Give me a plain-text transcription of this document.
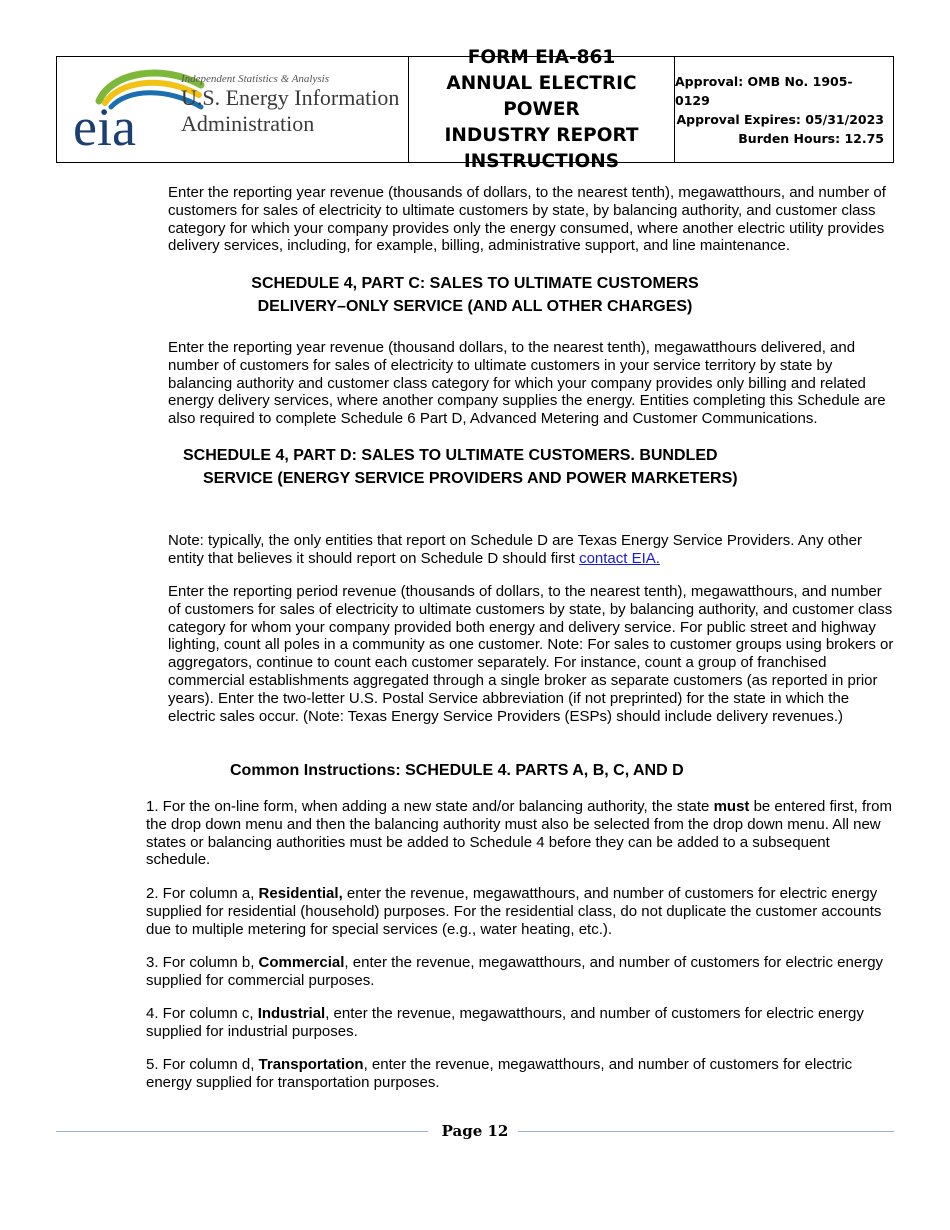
eia
Independent Statistics & Analysis
U.S. Energy Information
Administration
FORM EIA-861
ANNUAL ELECTRIC POWER
INDUSTRY REPORT
INSTRUCTIONS
Approval: OMB No. 1905-0129
Approval Expires: 05/31/2023
Burden Hours: 12.75

Enter the reporting year revenue (thousands of dollars, to the nearest tenth), megawatthours, and number of customers for sales of electricity to ultimate customers by state, by balancing authority, and customer class category for which your company provides only the energy consumed, where another electric utility provides delivery services, including, for example, billing, administrative support, and line maintenance.

SCHEDULE 4, PART C: SALES TO ULTIMATE CUSTOMERS

DELIVERY–ONLY SERVICE (AND ALL OTHER CHARGES)

Enter the reporting year revenue (thousand dollars, to the nearest tenth), megawatthours delivered, and number of customers for sales of electricity to ultimate customers in your service territory by state by balancing authority and customer class category for which your company provides only billing and related energy delivery services, where another company supplies the energy. Entities completing this Schedule are also required to complete Schedule 6 Part D, Advanced Metering and Customer Communications.

SCHEDULE 4, PART D: SALES TO ULTIMATE CUSTOMERS. BUNDLED

SERVICE (ENERGY SERVICE PROVIDERS AND POWER MARKETERS)

Note: typically, the only entities that report on Schedule D are Texas Energy Service Providers. Any other entity that believes it should report on Schedule D should first contact EIA.

Enter the reporting period revenue (thousands of dollars, to the nearest tenth), megawatthours, and number of customers for sales of electricity to ultimate customers by state, by balancing authority, and customer class category for whom your company provided both energy and delivery service. For public street and highway lighting, count all poles in a community as one customer. Note: For sales to customer groups using brokers or aggregators, continue to count each customer separately. For instance, count a group of franchised commercial establishments aggregated through a single broker as separate customers (as reported in prior years). Enter the two-letter U.S. Postal Service abbreviation (if not preprinted) for the state in which the electric sales occur. (Note: Texas Energy Service Providers (ESPs) should include delivery revenues.)

Common Instructions: SCHEDULE 4. PARTS A, B, C, AND D

1. For the on-line form, when adding a new state and/or balancing authority, the state must be entered first, from the drop down menu and then the balancing authority must also be selected from the drop down menu. All new states or balancing authorities must be added to Schedule 4 before they can be added to a subsequent schedule.

2. For column a, Residential, enter the revenue, megawatthours, and number of customers for electric energy supplied for residential (household) purposes. For the residential class, do not duplicate the customer accounts due to multiple metering for special services (e.g., water heating, etc.).

3. For column b, Commercial, enter the revenue, megawatthours, and number of customers for electric energy supplied for commercial purposes.

4. For column c, Industrial, enter the revenue, megawatthours, and number of customers for electric energy supplied for industrial purposes.

5. For column d, Transportation, enter the revenue, megawatthours, and number of customers for electric energy supplied for transportation purposes.

Page 12
